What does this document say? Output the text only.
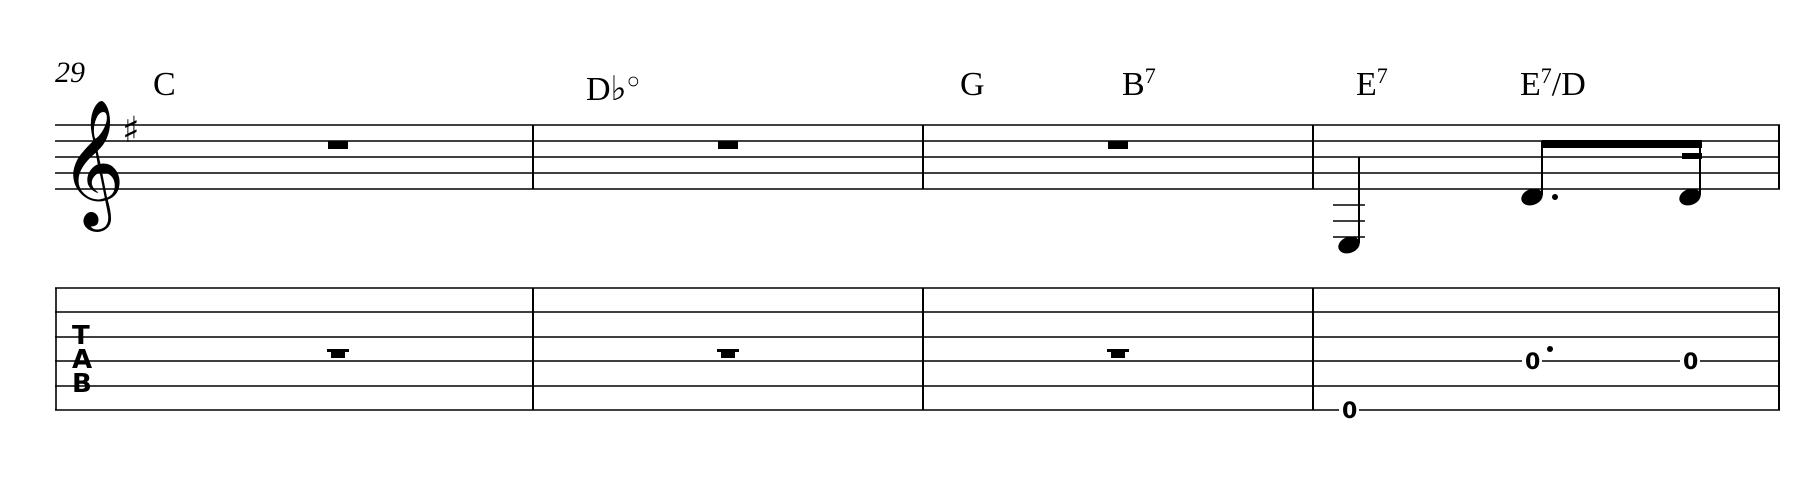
29 C	D♭○	G	$B^7$	$E^7$	$E^7/D$
𝄞
♯
T
A
B
0
0	0
